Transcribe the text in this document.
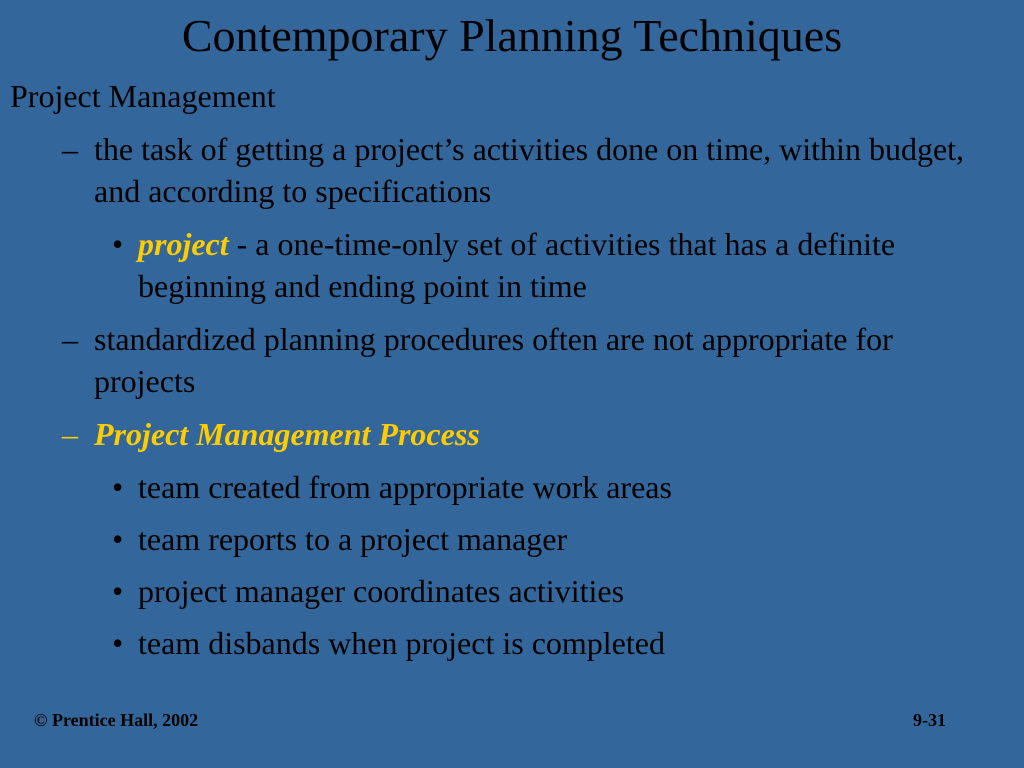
Contemporary Planning Techniques
Project Management
– the task of getting a project’s activities done on time, within budget, and according to specifications
• project - a one-time-only set of activities that has a definite beginning and ending point in time
– standardized planning procedures often are not appropriate for projects
– Project Management Process
• team created from appropriate work areas
• team reports to a project manager
• project manager coordinates activities
• team disbands when project is completed
© Prentice Hall, 2002	9-31
